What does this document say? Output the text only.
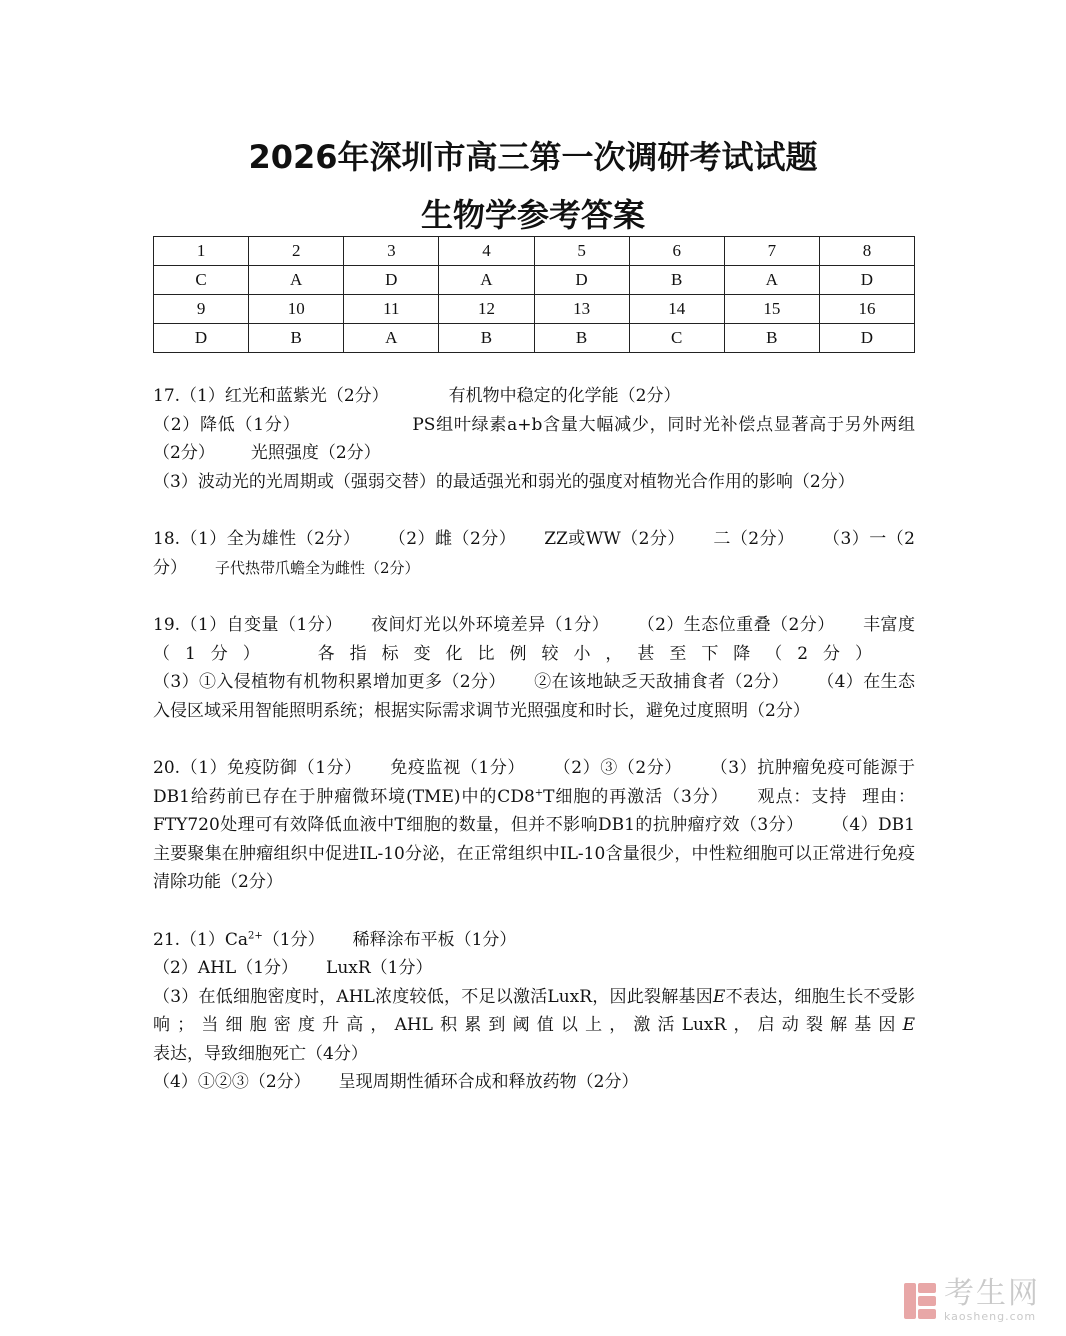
2026年深圳市高三第一次调研考试试题
生物学参考答案
1	2	3	4	5	6	7	8
C	A	D	A	D	B	A	D
9	10	11	12	13	14	15	16
D	B	A	B	B	C	B	D
17.（1）红光和蓝紫光（2分）	有机物中稳定的化学能（2分）
（2）降低（1分）	PS组叶绿素a+b含量大幅减少，同时光补偿点显著高于另外两组（2分） 光照强度（2分）
（3）波动光的光周期或（强弱交替）的最适强光和弱光的强度对植物光合作用的影响（2分）
18.（1）全为雄性（2分） （2）雌（2分） ZZ或WW（2分） 二（2分） （3）一（2分） 子代热带爪蟾全为雌性（2分）
19.（1）自变量（1分） 夜间灯光以外环境差异（1分） （2）生态位重叠（2分） 丰富度（1分） 各指标变化比例较小，甚至下降（2分）（3）①入侵植物有机物积累增加更多（2分） ②在该地缺乏天敌捕食者（2分） （4）在生态入侵区域采用智能照明系统；根据实际需求调节光照强度和时长，避免过度照明（2分）
20.（1）免疫防御（1分） 免疫监视（1分） （2）③（2分） （3）抗肿瘤免疫可能源于DB1给药前已存在于肿瘤微环境(TME)中的CD8+T细胞的再激活（3分） 观点：支持 理由：FTY720处理可有效降低血液中T细胞的数量，但并不影响DB1的抗肿瘤疗效（3分） （4）DB1主要聚集在肿瘤组织中促进IL-10分泌，在正常组织中IL-10含量很少，中性粒细胞可以正常进行免疫清除功能（2分）
$21.(1)Ca^{2+}(1$分） 稀释涂布平板（1分）
（2）AHL（1分） LuxR（1分）
（3）在低细胞密度时，AHL浓度较低，不足以激活LuxR，因此裂解基因E不表达，细胞生长不受影响；当细胞密度升高，AHL积累到阈值以上，激活LuxR，启动裂解基因E表达，导致细胞死亡（4分）
（4）①②③（2分） 呈现周期性循环合成和释放药物（2分）
考生网
kaosheng.com
